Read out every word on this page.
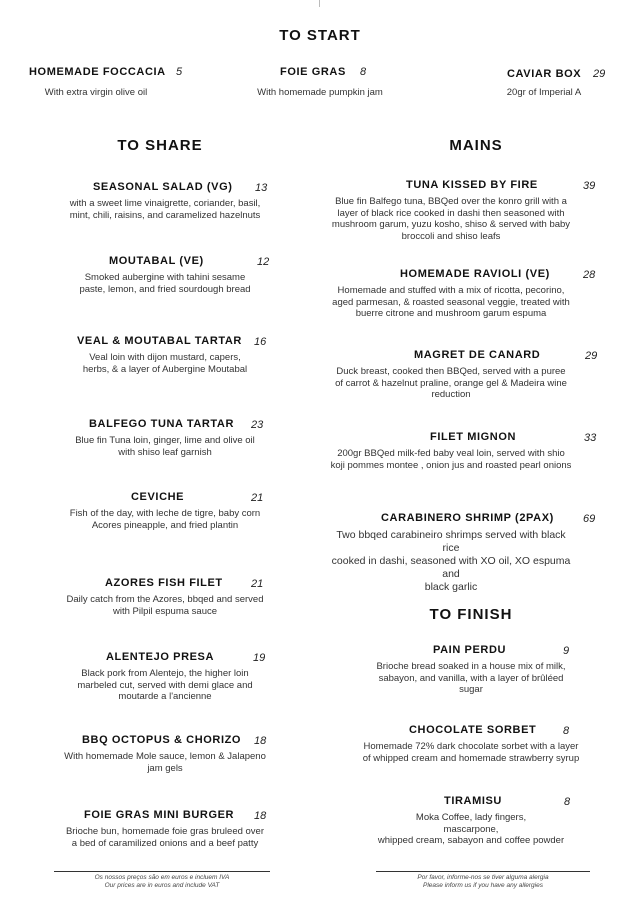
TO START
HOMEMADE FOCCACIA 5
With extra virgin olive oil
FOIE GRAS 8
With homemade pumpkin jam
CAVIAR BOX 29
20gr of Imperial A
TO SHARE
SEASONAL SALAD (VG) 13
with a sweet lime vinaigrette, coriander, basil,
mint, chili, raisins, and caramelized hazelnuts
MOUTABAL (VE)	12
Smoked aubergine with tahini sesame
paste, lemon, and fried sourdough bread
VEAL & MOUTABAL TARTAR 16
Veal loin with dijon mustard, capers,
herbs, & a layer of Aubergine Moutabal
BALFEGO TUNA TARTAR 23
Blue fin Tuna loin, ginger, lime and olive oil
with shiso leaf garnish
CEVICHE	21
Fish of the day, with leche de tigre, baby corn
Acores pineapple, and fried plantin
AZORES FISH FILET	21
Daily catch from the Azores, bbqed and served
with Pilpil espuma sauce
ALENTEJO PRESA	19
Black pork from Alentejo, the higher loin
marbeled cut, served with demi glace and
moutarde a l'ancienne
BBQ OCTOPUS & CHORIZO 18
With homemade Mole sauce, lemon & Jalapeno
jam gels
FOIE GRAS MINI BURGER 18
Brioche bun, homemade foie gras bruleed over
a bed of caramilized onions and a beef patty
MAINS
TUNA KISSED BY FIRE	39
Blue fin Balfego tuna, BBQed over the konro grill with a
layer of black rice cooked in dashi then seasoned with
mushroom garum, yuzu kosho, shiso & served with baby
broccoli and shiso leafs
HOMEMADE RAVIOLI (VE)	28
Homemade and stuffed with a mix of ricotta, pecorino,
aged parmesan, & roasted seasonal veggie, treated with
buerre citrone and mushroom garum espuma
MAGRET DE CANARD	29
Duck breast, cooked then BBQed, served with a puree
of carrot & hazelnut praline, orange gel & Madeira wine
reduction
FILET MIGNON	33
200gr BBQed milk-fed baby veal loin, served with shio
koji pommes montee , onion jus and roasted pearl onions
CARABINERO SHRIMP (2PAX)	69
Two bbqed carabineiro shrimps served with black rice
cooked in dashi, seasoned with XO oil, XO espuma and
black garlic
TO FINISH
PAIN PERDU	9
Brioche bread soaked in a house mix of milk,
sabayon, and vanilla, with a layer of brûléed
sugar
CHOCOLATE SORBET 8
Homemade 72% dark chocolate sorbet with a layer
of whipped cream and homemade strawberry syrup
TIRAMISU	8
Moka Coffee, lady fingers,
mascarpone,
whipped cream, sabayon and coffee powder
Os nossos preços são em euros e incluem IVA
Our prices are in euros and include VAT
Por favor, informe-nos se tiver alguma alergia
Please inform us if you have any allergies
